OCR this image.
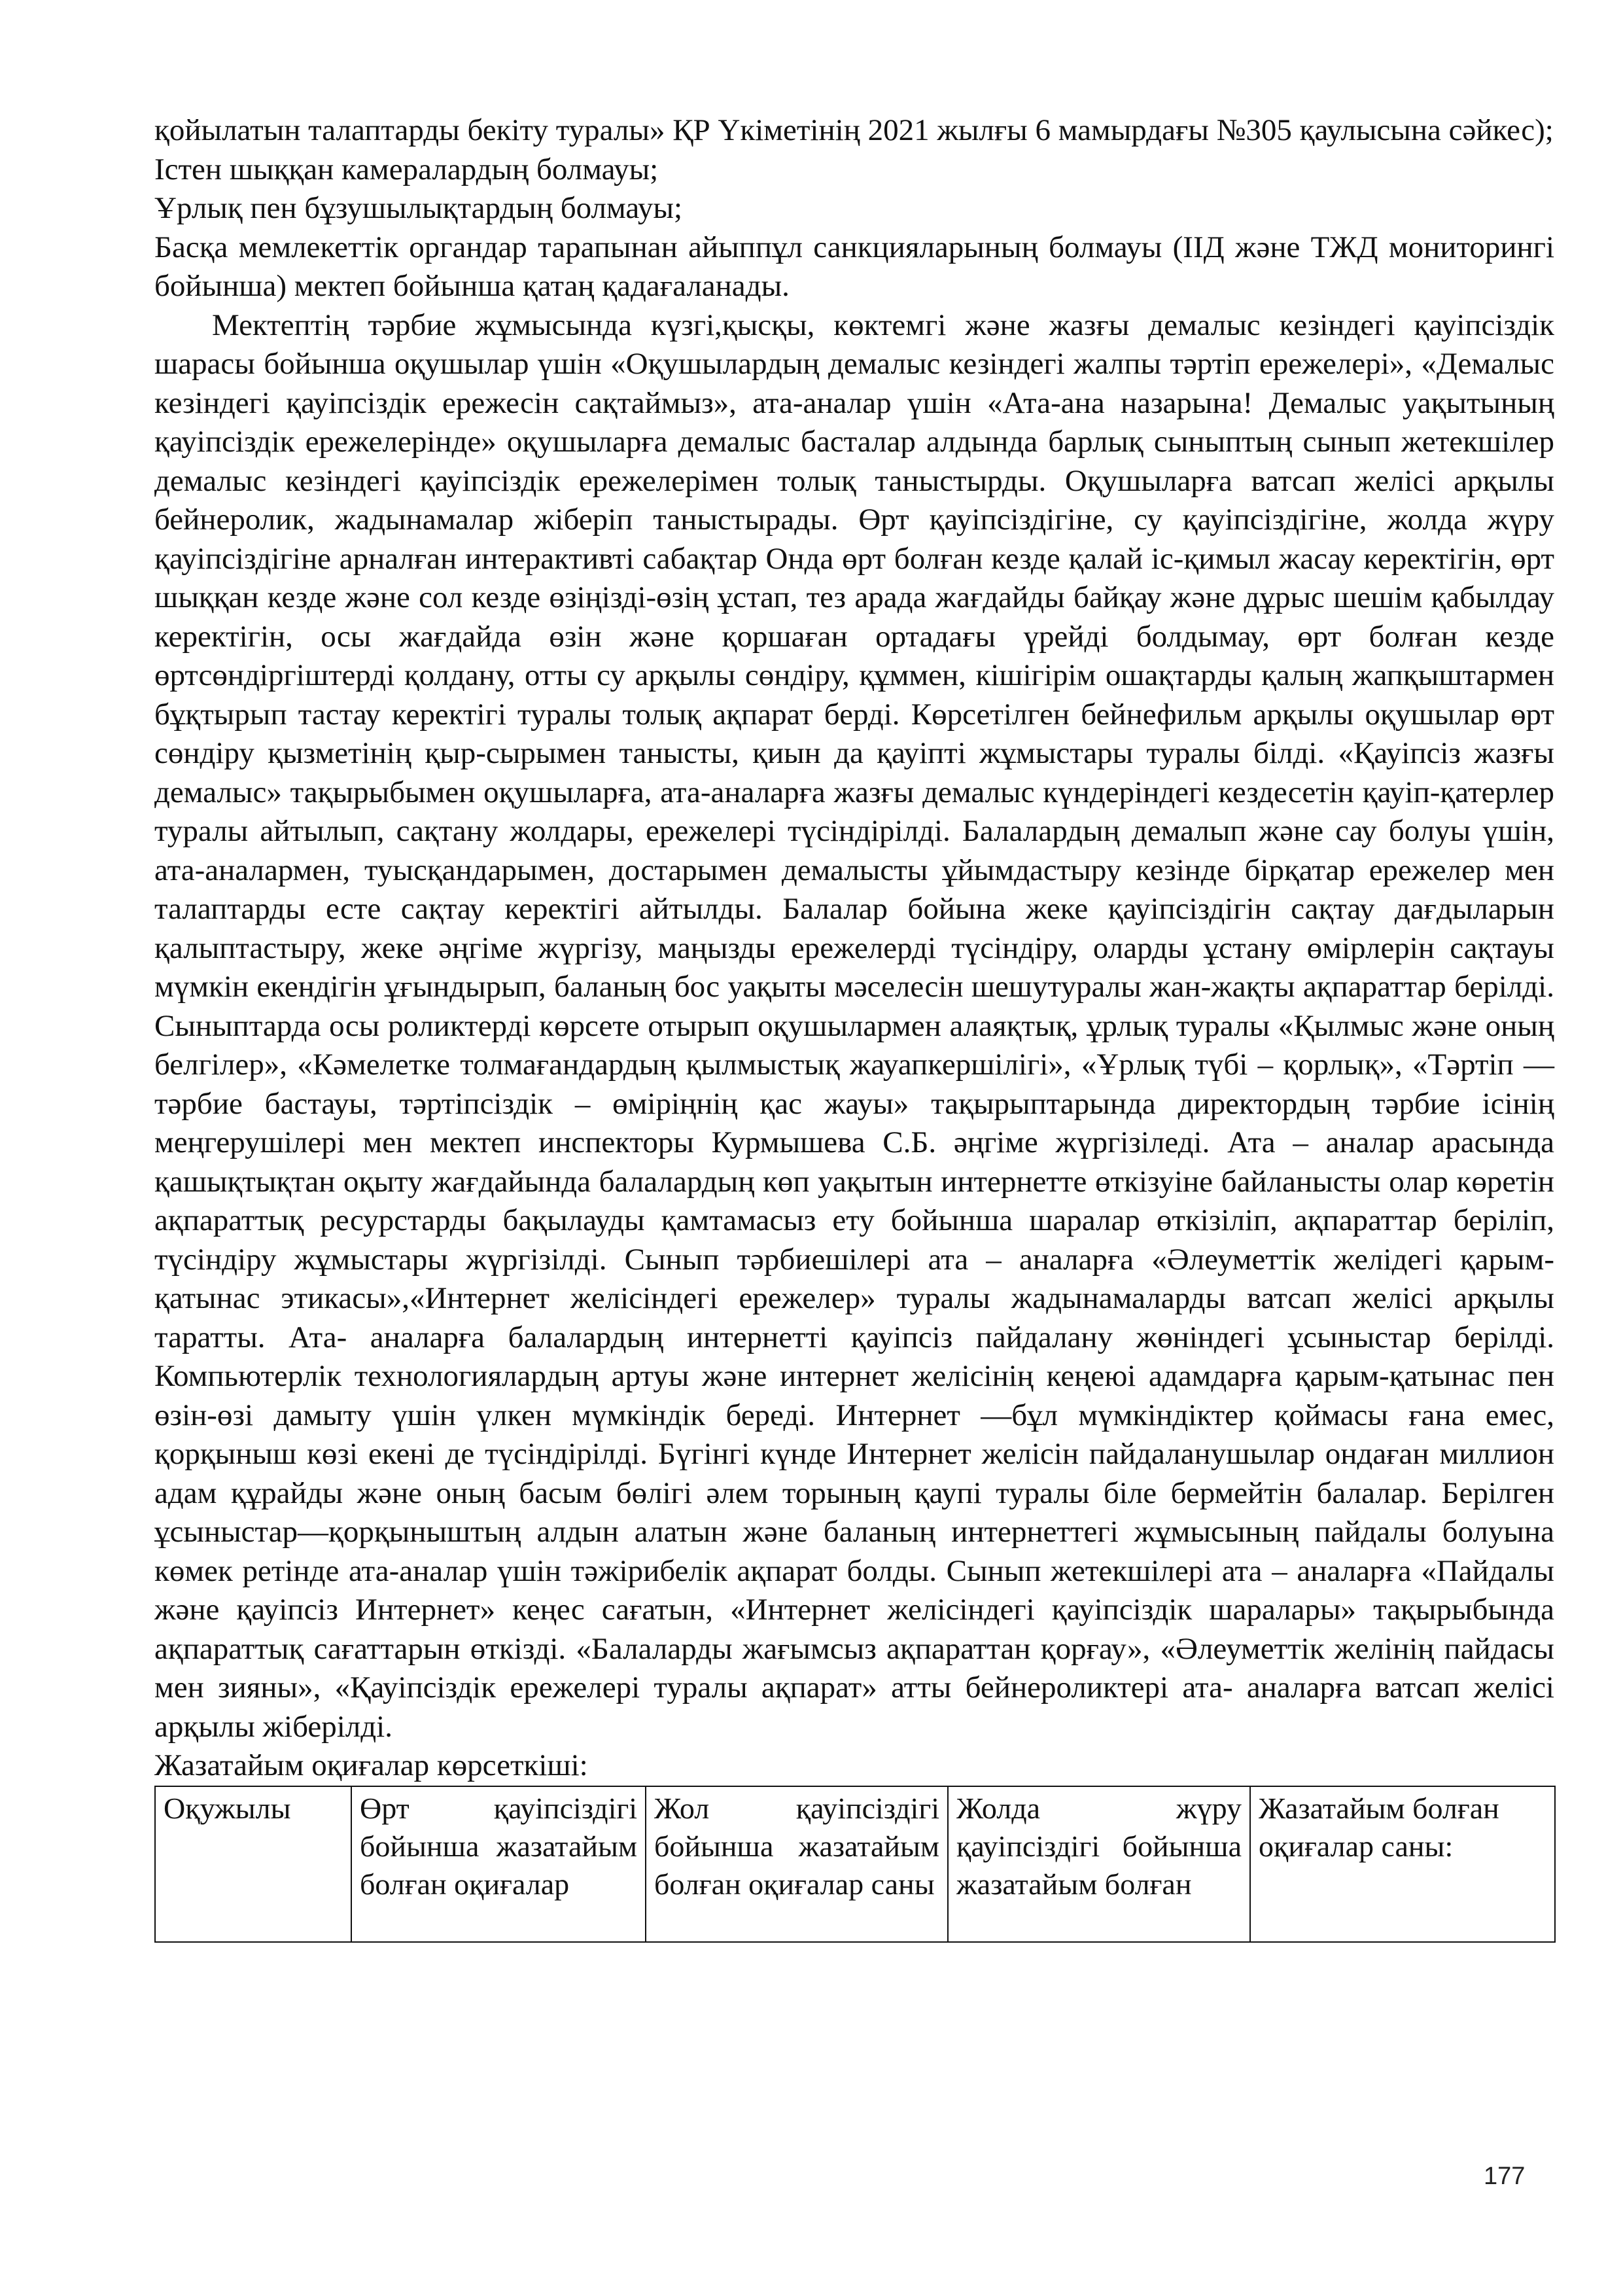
қойылатын талаптарды бекіту туралы» ҚР Үкіметінің 2021 жылғы 6 мамырдағы №305 қаулысына сәйкес);

Істен шыққан камералардың болмауы;

Ұрлық пен бұзушылықтардың болмауы;

Басқа мемлекеттік органдар тарапынан айыппұл санкцияларының болмауы (ІІД және ТЖД мониторингі бойынша) мектеп бойынша қатаң қадағаланады.

Мектептің тәрбие жұмысында күзгі,қысқы, көктемгі және жазғы демалыс кезіндегі қауіпсіздік шарасы бойынша оқушылар үшін «Оқушылардың демалыс кезіндегі жалпы тәртіп ережелері», «Демалыс кезіндегі қауіпсіздік ережесін сақтаймыз», ата-аналар үшін «Ата-ана назарына! Демалыс уақытының қауіпсіздік ережелерінде» оқушыларға демалыс басталар алдында барлық сыныптың сынып жетекшілер демалыс кезіндегі қауіпсіздік ережелерімен толық таныстырды. Оқушыларға ватсап желісі арқылы бейнеролик, жадынамалар жіберіп таныстырады. Өрт қауіпсіздігіне, су қауіпсіздігіне, жолда жүру қауіпсіздігіне арналған интерактивті сабақтар Онда өрт болған кезде қалай іс-қимыл жасау керектігін, өрт шыққан кезде және сол кезде өзіңізді-өзің ұстап, тез арада жағдайды байқау және дұрыс шешім қабылдау керектігін, осы жағдайда өзін және қоршаған ортадағы үрейді болдымау, өрт болған кезде өртсөндіргіштерді қолдану, отты су арқылы сөндіру, құммен, кішігірім ошақтарды қалың жапқыштармен бұқтырып тастау керектігі туралы толық ақпарат берді. Көрсетілген бейнефильм арқылы оқушылар өрт сөндіру қызметінің қыр-сырымен танысты, қиын да қауіпті жұмыстары туралы білді. «Қауіпсіз жазғы демалыс» тақырыбымен оқушыларға, ата-аналарға жазғы демалыс күндеріндегі кездесетін қауіп-қатерлер туралы айтылып, сақтану жолдары, ережелері түсіндірілді. Балалардың демалып және сау болуы үшін, ата-аналармен, туысқандарымен, достарымен демалысты ұйымдастыру кезінде бірқатар ережелер мен талаптарды есте сақтау керектігі айтылды. Балалар бойына жеке қауіпсіздігін сақтау дағдыларын қалыптастыру, жеке әңгіме жүргізу, маңызды ережелерді түсіндіру, оларды ұстану өмірлерін сақтауы мүмкін екендігін ұғындырып, баланың бос уақыты мәселесін шешутуралы жан-жақты ақпараттар берілді. Сыныптарда осы роликтерді көрсете отырып оқушылармен алаяқтық, ұрлық туралы «Қылмыс және оның белгілер», «Кәмелетке толмағандардың қылмыстық жауапкершілігі», «Ұрлық түбі – қорлық», «Тәртіп — тәрбие бастауы, тәртіпсіздік – өміріңнің қас жауы» тақырыптарында директордың тәрбие ісінің меңгерушілері мен мектеп инспекторы Курмышева С.Б. әңгіме жүргізіледі. Ата – аналар арасында қашықтықтан оқыту жағдайында балалардың көп уақытын интернетте өткізуіне байланысты олар көретін ақпараттық ресурстарды бақылауды қамтамасыз ету бойынша шаралар өткізіліп, ақпараттар беріліп, түсіндіру жұмыстары жүргізілді. Сынып тәрбиешілері ата – аналарға «Әлеуметтік желідегі қарым-қатынас этикасы»,«Интернет желісіндегі ережелер» туралы жадынамаларды ватсап желісі арқылы таратты. Ата- аналарға балалардың интернетті қауіпсіз пайдалану жөніндегі ұсыныстар берілді. Компьютерлік технологиялардың артуы және интернет желісінің кеңеюі адамдарға қарым-қатынас пен өзін-өзі дамыту үшін үлкен мүмкіндік береді. Интернет —бұл мүмкіндіктер қоймасы ғана емес, қорқыныш көзі екені де түсіндірілді. Бүгінгі күнде Интернет желісін пайдаланушылар ондаған миллион адам құрайды және оның басым бөлігі әлем торының қаупі туралы біле бермейтін балалар. Берілген ұсыныстар—қорқыныштың алдын алатын және баланың интернеттегі жұмысының пайдалы болуына көмек ретінде ата-аналар үшін тәжірибелік ақпарат болды. Сынып жетекшілері ата – аналарға «Пайдалы және қауіпсіз Интернет» кеңес сағатын, «Интернет желісіндегі қауіпсіздік шаралары» тақырыбында ақпараттық сағаттарын өткізді. «Балаларды жағымсыз ақпараттан қорғау», «Әлеуметтік желінің пайдасы мен зияны», «Қауіпсіздік ережелері туралы ақпарат» атты бейнероликтері ата- аналарға ватсап желісі арқылы жіберілді.

Жазатайым оқиғалар көрсеткіші:

Оқужылы	Өрт қауіпсіздігі бойынша жазатайым болған оқиғалар	Жол қауіпсіздігі бойынша жазатайым болған оқиғалар саны	Жолда жүру қауіпсіздігі бойынша жазатайым болған	Жазатайым болған оқиғалар саны:
177
